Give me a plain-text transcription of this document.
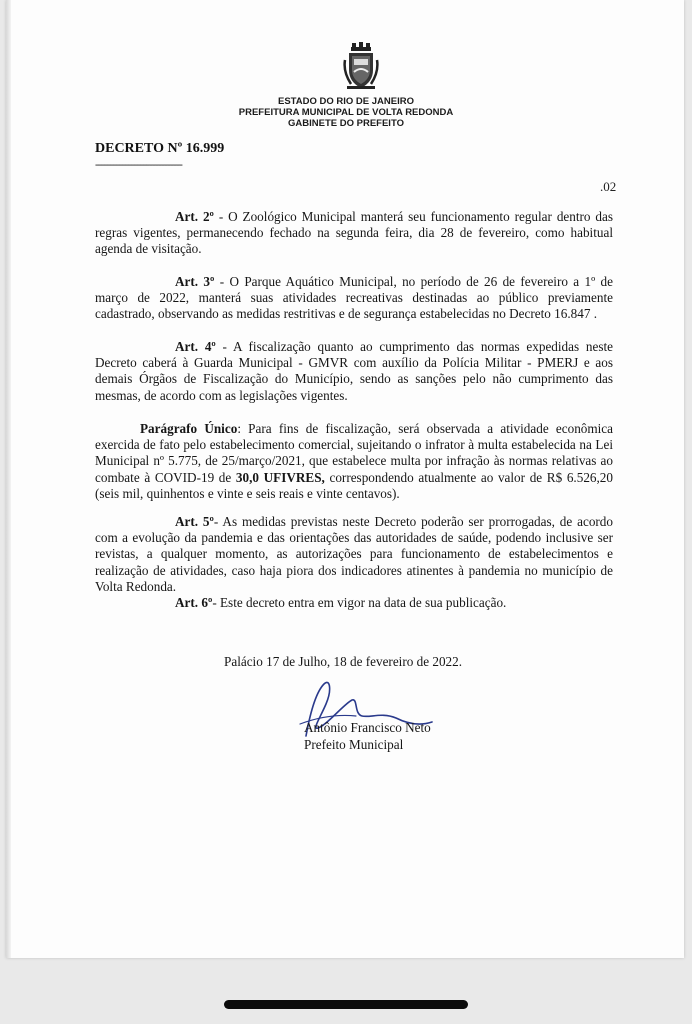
ESTADO DO RIO DE JANEIRO
PREFEITURA MUNICIPAL DE VOLTA REDONDA
GABINETE DO PREFEITO
DECRETO Nº 16.999
-----------------------------
.02
Art. 2º - O Zoológico Municipal manterá seu funcionamento regular dentro das regras vigentes, permanecendo fechado na segunda feira, dia 28 de fevereiro, como habitual agenda de visitação.
Art. 3º - O Parque Aquático Municipal, no período de 26 de fevereiro a 1º de março de 2022, manterá suas atividades recreativas destinadas ao público previamente cadastrado, observando as medidas restritivas e de segurança estabelecidas no Decreto 16.847 .
Art. 4º - A fiscalização quanto ao cumprimento das normas expedidas neste Decreto caberá à Guarda Municipal - GMVR com auxílio da Polícia Militar - PMERJ e aos demais Órgãos de Fiscalização do Município, sendo as sanções pelo não cumprimento das mesmas, de acordo com as legislações vigentes.
Parágrafo Único: Para fins de fiscalização, será observada a atividade econômica exercida de fato pelo estabelecimento comercial, sujeitando o infrator à multa estabelecida na Lei Municipal nº 5.775, de 25/março/2021, que estabelece multa por infração às normas relativas ao combate à COVID-19 de 30,0 UFIVRES, correspondendo atualmente ao valor de R$ 6.526,20 (seis mil, quinhentos e vinte e seis reais e vinte centavos).
Art. 5º- As medidas previstas neste Decreto poderão ser prorrogadas, de acordo com a evolução da pandemia e das orientações das autoridades de saúde, podendo inclusive ser revistas, a qualquer momento, as autorizações para funcionamento de estabelecimentos e realização de atividades, caso haja piora dos indicadores atinentes à pandemia no município de Volta Redonda.
Art. 6º- Este decreto entra em vigor na data de sua publicação.
Palácio 17 de Julho, 18 de fevereiro de 2022.
Antônio Francisco Neto
Prefeito Municipal
